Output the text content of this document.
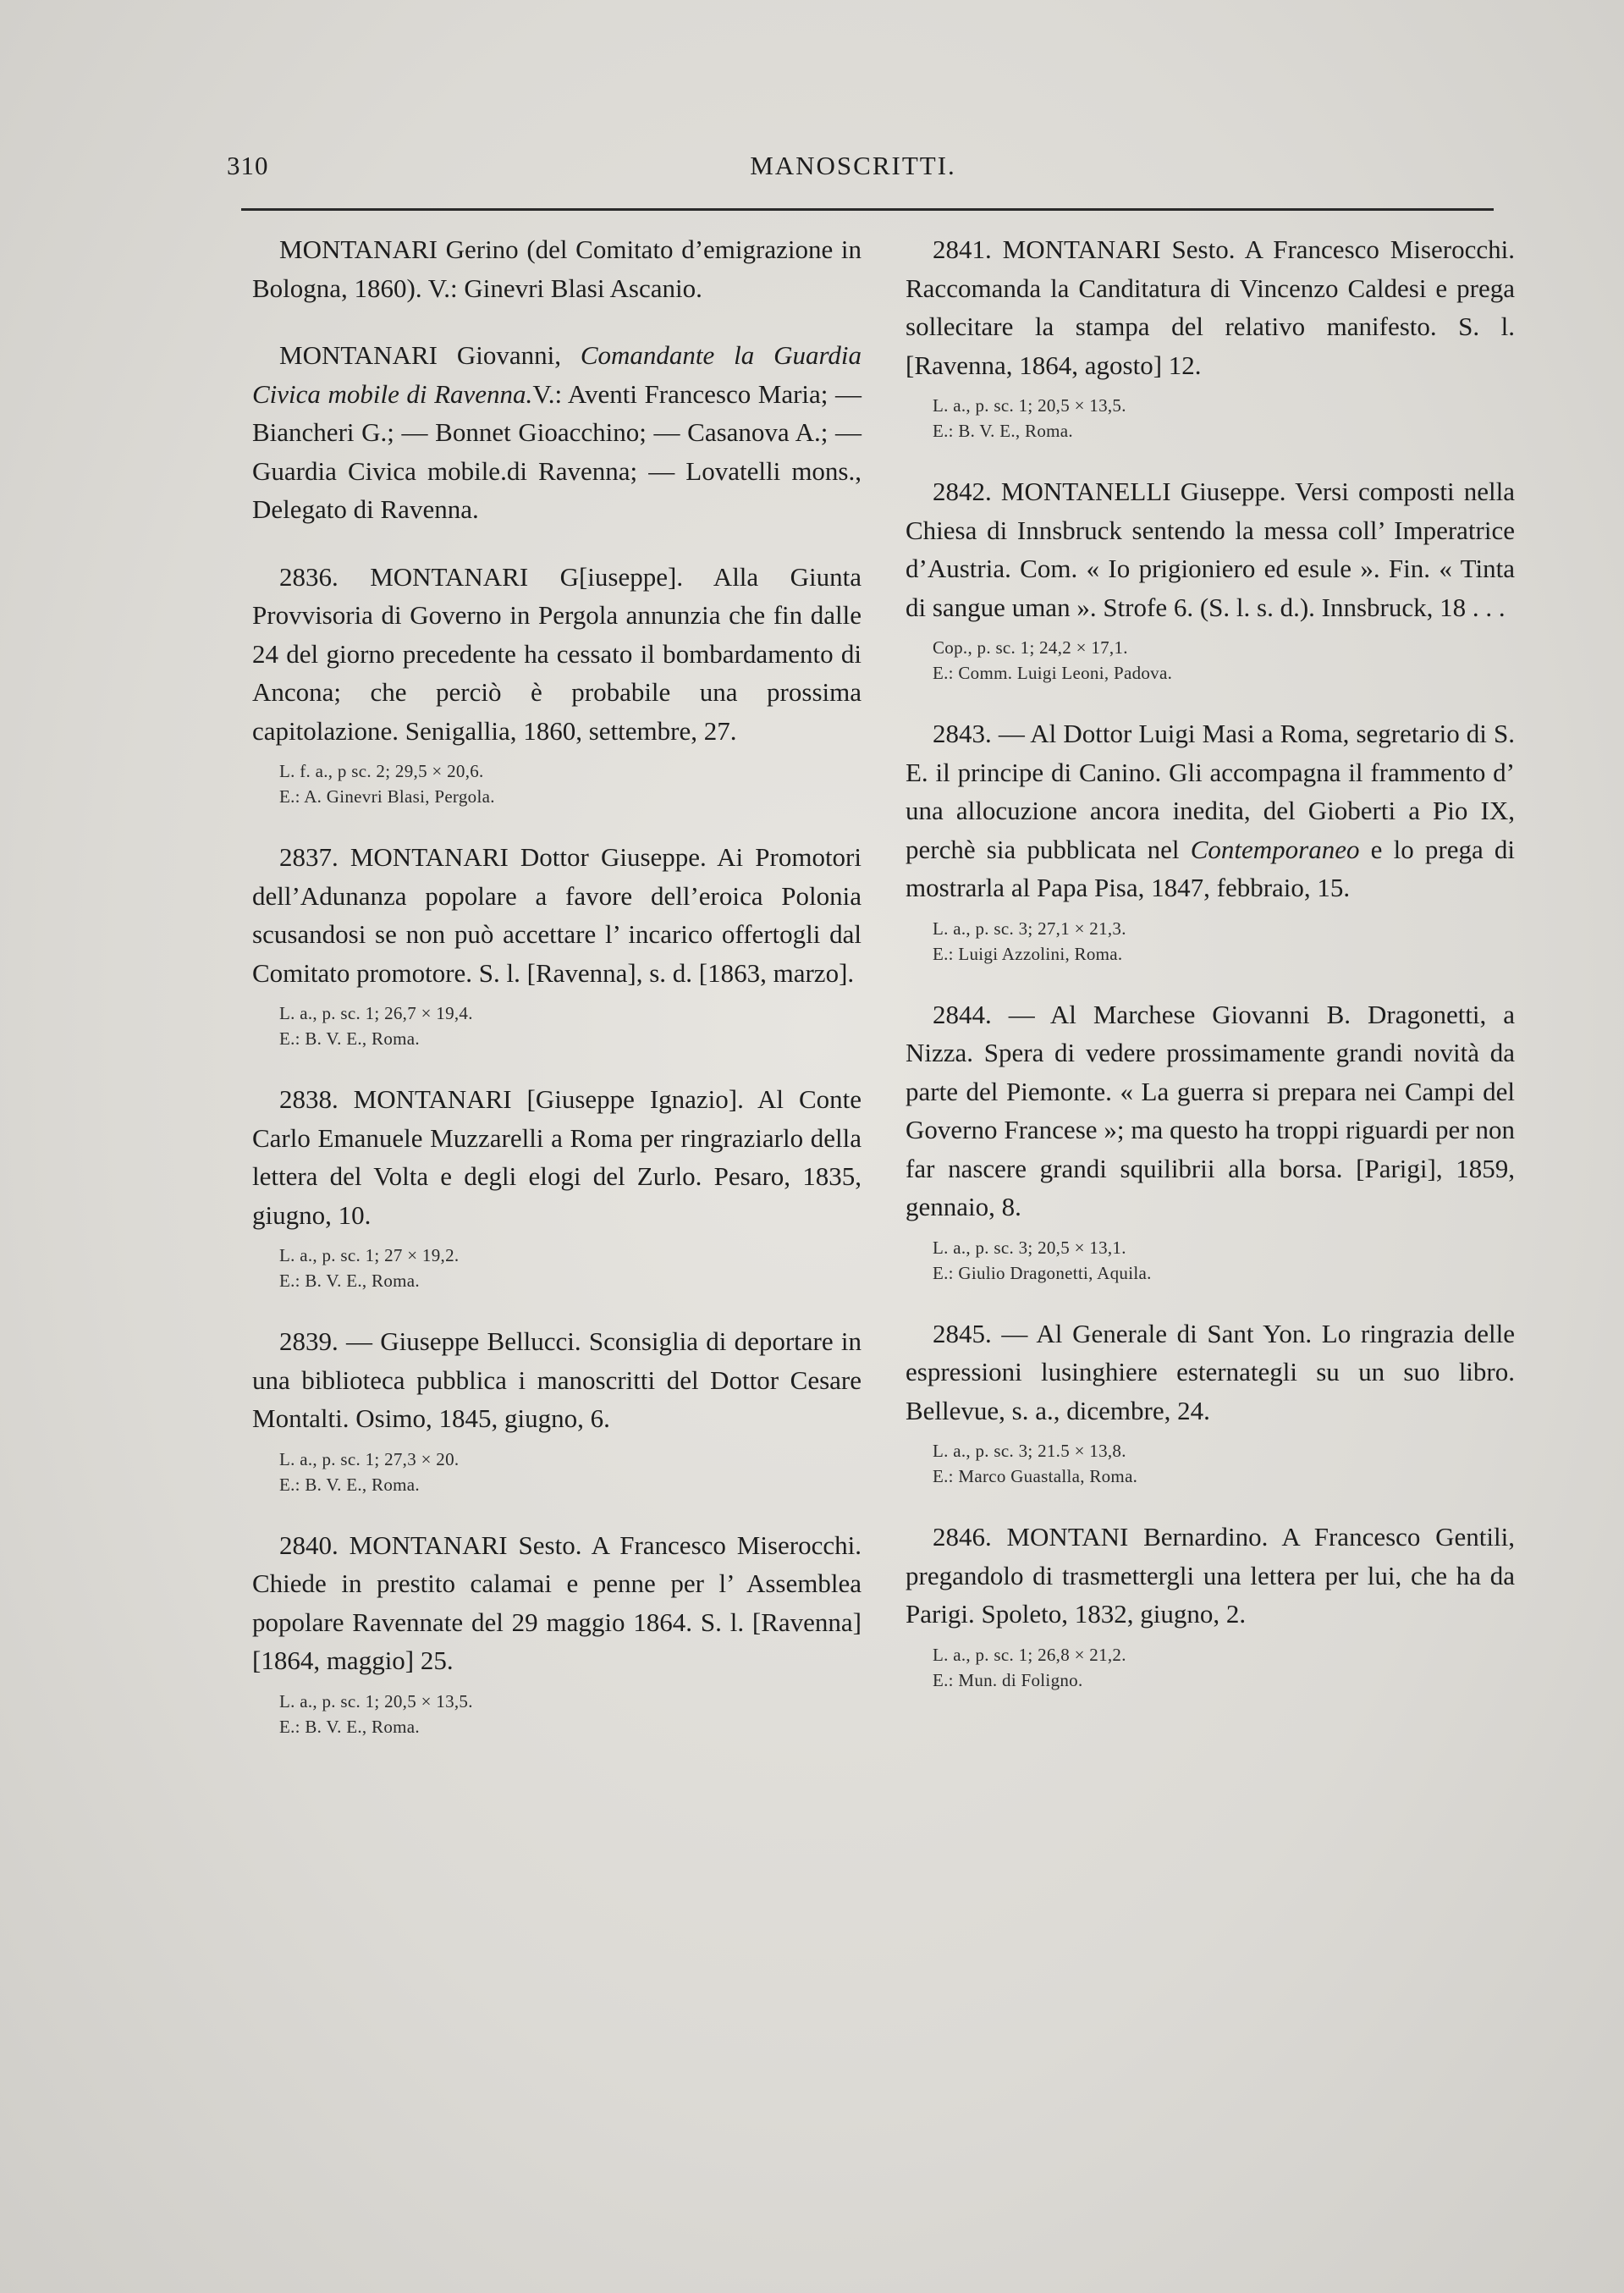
310	MANOSCRITTI.

MONTANARI Gerino (del Comitato d’emigrazione in Bologna, 1860). V.: Ginevri Blasi Ascanio.

MONTANARI Giovanni, Comandante la Guardia Civica mobile di Ravenna.V.: Aventi Francesco Maria; — Biancheri G.; — Bonnet Gioacchino; — Casanova A.; — Guardia Civica mobile.di Ravenna; — Lovatelli mons., Delegato di Ravenna.

2836. MONTANARI G[iuseppe]. Alla Giunta Provvisoria di Governo in Pergola annunzia che fin dalle 24 del giorno precedente ha cessato il bombardamento di Ancona; che perciò è probabile una prossima capitolazione. Senigallia, 1860, settembre, 27.

L. f. a., p sc. 2; 29,5 × 20,6.
E.: A. Ginevri Blasi, Pergola.

2837. MONTANARI Dottor Giuseppe. Ai Promotori dell’Adunanza popolare a favore dell’eroica Polonia scusandosi se non può accettare l’ incarico offertogli dal Comitato promotore. S. l. [Ravenna], s. d. [1863, marzo].

L. a., p. sc. 1; 26,7 × 19,4.
E.: B. V. E., Roma.

2838. MONTANARI [Giuseppe Ignazio]. Al Conte Carlo Emanuele Muzzarelli a Roma per ringraziarlo della lettera del Volta e degli elogi del Zurlo. Pesaro, 1835, giugno, 10.

L. a., p. sc. 1; 27 × 19,2.
E.: B. V. E., Roma.

2839. — Giuseppe Bellucci. Sconsiglia di deportare in una biblioteca pubblica i manoscritti del Dottor Cesare Montalti. Osimo, 1845, giugno, 6.

L. a., p. sc. 1; 27,3 × 20.
E.: B. V. E., Roma.

2840. MONTANARI Sesto. A Francesco Miserocchi. Chiede in prestito calamai e penne per l’ Assemblea popolare Ravennate del 29 maggio 1864. S. l. [Ravenna] [1864, maggio] 25.

L. a., p. sc. 1; 20,5 × 13,5.
E.: B. V. E., Roma.

2841. MONTANARI Sesto. A Francesco Miserocchi. Raccomanda la Canditatura di Vincenzo Caldesi e prega sollecitare la stampa del relativo manifesto. S. l. [Ravenna, 1864, agosto] 12.

L. a., p. sc. 1; 20,5 × 13,5.
E.: B. V. E., Roma.

2842. MONTANELLI Giuseppe. Versi composti nella Chiesa di Innsbruck sentendo la messa coll’ Imperatrice d’Austria. Com. « Io prigioniero ed esule ». Fin. « Tinta di sangue uman ». Strofe 6. (S. l. s. d.). Innsbruck, 18 . . .

Cop., p. sc. 1; 24,2 × 17,1.
E.: Comm. Luigi Leoni, Padova.

2843. — Al Dottor Luigi Masi a Roma, segretario di S. E. il principe di Canino. Gli accompagna il frammento d’ una allocuzione ancora inedita, del Gioberti a Pio IX, perchè sia pubblicata nel Contemporaneo e lo prega di mostrarla al Papa Pisa, 1847, febbraio, 15.

L. a., p. sc. 3; 27,1 × 21,3.
E.: Luigi Azzolini, Roma.

2844. — Al Marchese Giovanni B. Dragonetti, a Nizza. Spera di vedere prossimamente grandi novità da parte del Piemonte. « La guerra si prepara nei Campi del Governo Francese »; ma questo ha troppi riguardi per non far nascere grandi squilibrii alla borsa. [Parigi], 1859, gennaio, 8.

L. a., p. sc. 3; 20,5 × 13,1.
E.: Giulio Dragonetti, Aquila.

2845. — Al Generale di Sant Yon. Lo ringrazia delle espressioni lusinghiere esternategli su un suo libro. Bellevue, s. a., dicembre, 24.

L. a., p. sc. 3; 21.5 × 13,8.
E.: Marco Guastalla, Roma.

2846. MONTANI Bernardino. A Francesco Gentili, pregandolo di trasmettergli una lettera per lui, che ha da Parigi. Spoleto, 1832, giugno, 2.

L. a., p. sc. 1; 26,8 × 21,2.
E.: Mun. di Foligno.
